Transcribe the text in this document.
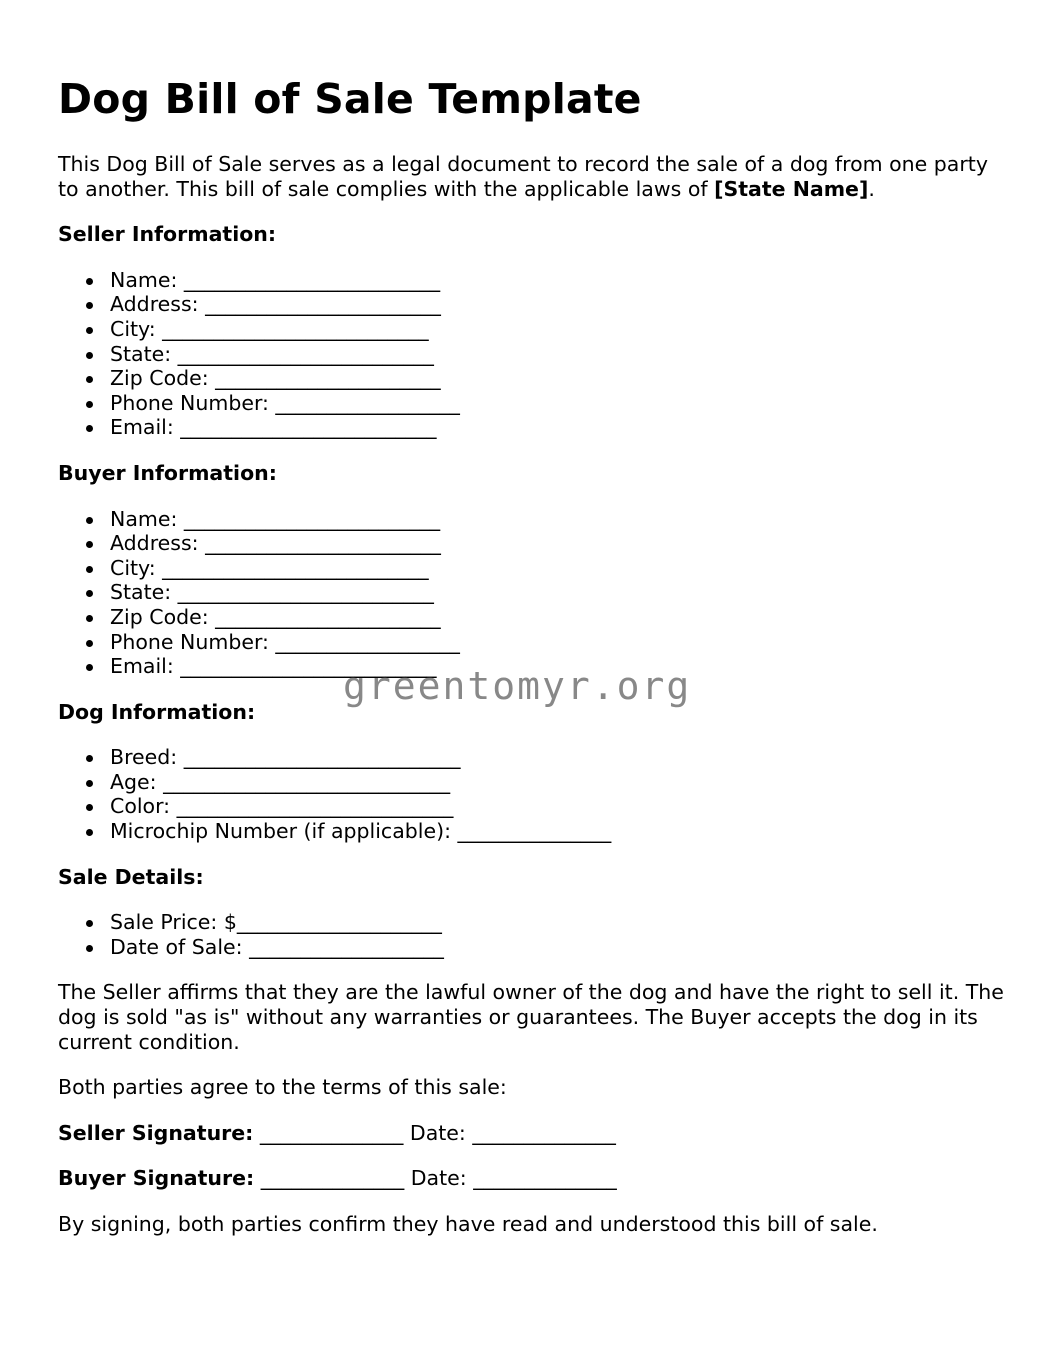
Dog Bill of Sale Template

This Dog Bill of Sale serves as a legal document to record the sale of a dog from one party to another. This bill of sale complies with the applicable laws of [State Name].

Seller Information:
Name: _________________________
Address: _______________________
City: __________________________
State: _________________________
Zip Code: ______________________
Phone Number: __________________
Email: _________________________
Buyer Information:
Name: _________________________
Address: _______________________
City: __________________________
State: _________________________
Zip Code: ______________________
Phone Number: __________________
Email: _________________________
Dog Information:
Breed: ___________________________
Age: ____________________________
Color: ___________________________
Microchip Number (if applicable): _______________
Sale Details:
Sale Price: $____________________
Date of Sale: ___________________

The Seller affirms that they are the lawful owner of the dog and have the right to sell it. The dog is sold "as is" without any warranties or guarantees. The Buyer accepts the dog in its current condition.

Both parties agree to the terms of this sale:

Seller Signature: ______________ Date: ______________

Buyer Signature: ______________ Date: ______________

By signing, both parties confirm they have read and understood this bill of sale.

greentomyr.org
